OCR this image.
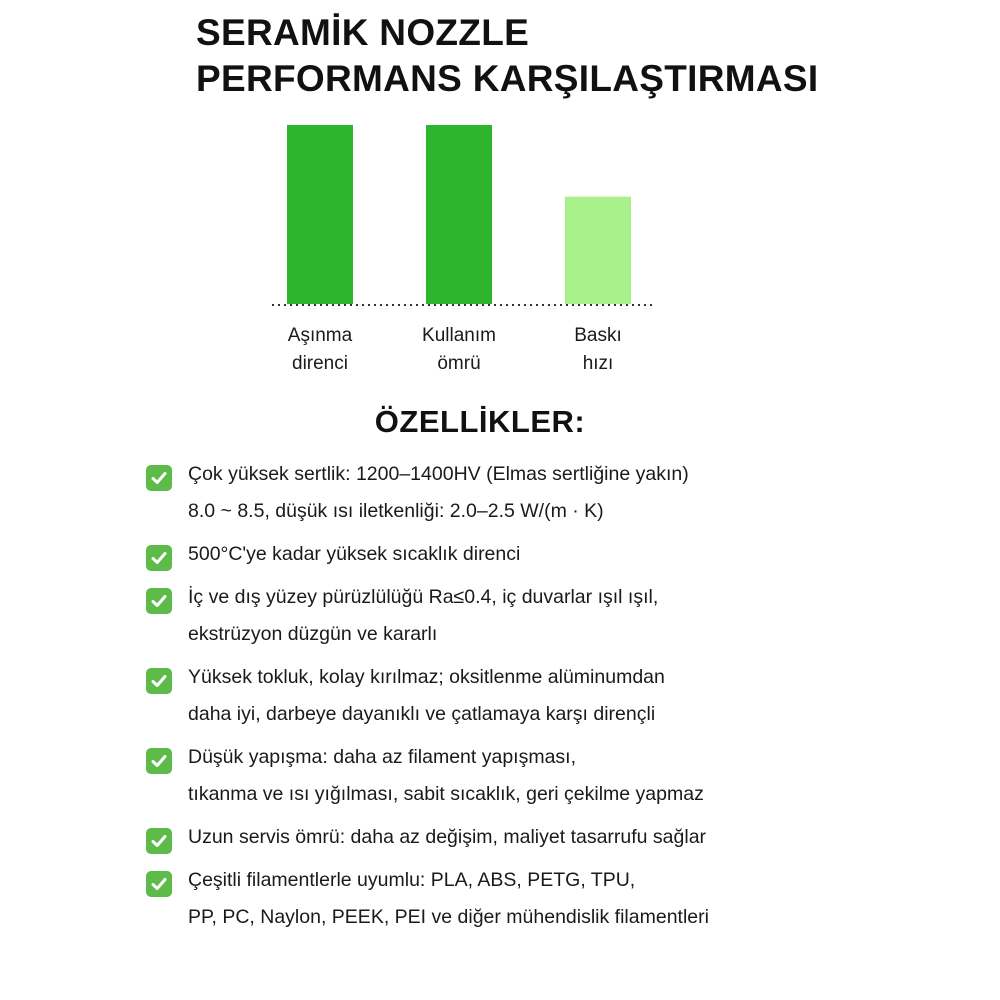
SERAMİK NOZZLE
PERFORMANS KARŞILAŞTIRMASI
Aşınma direnci
Kullanım ömrü
Baskı hızı
ÖZELLİKLER:
Çok yüksek sertlik: 1200–1400HV (Elmas sertliğine yakın)
8.0 ~ 8.5, düşük ısı iletkenliği: 2.0–2.5 W/(m · K)
500°C'ye kadar yüksek sıcaklık direnci
İç ve dış yüzey pürüzlülüğü Ra≤0.4, iç duvarlar ışıl ışıl,
ekstrüzyon düzgün ve kararlı
Yüksek tokluk, kolay kırılmaz; oksitlenme alüminumdan
daha iyi, darbeye dayanıklı ve çatlamaya karşı dirençli
Düşük yapışma: daha az filament yapışması,
tıkanma ve ısı yığılması, sabit sıcaklık, geri çekilme yapmaz
Uzun servis ömrü: daha az değişim, maliyet tasarrufu sağlar
Çeşitli filamentlerle uyumlu: PLA, ABS, PETG, TPU,
PP, PC, Naylon, PEEK, PEI ve diğer mühendislik filamentleri
